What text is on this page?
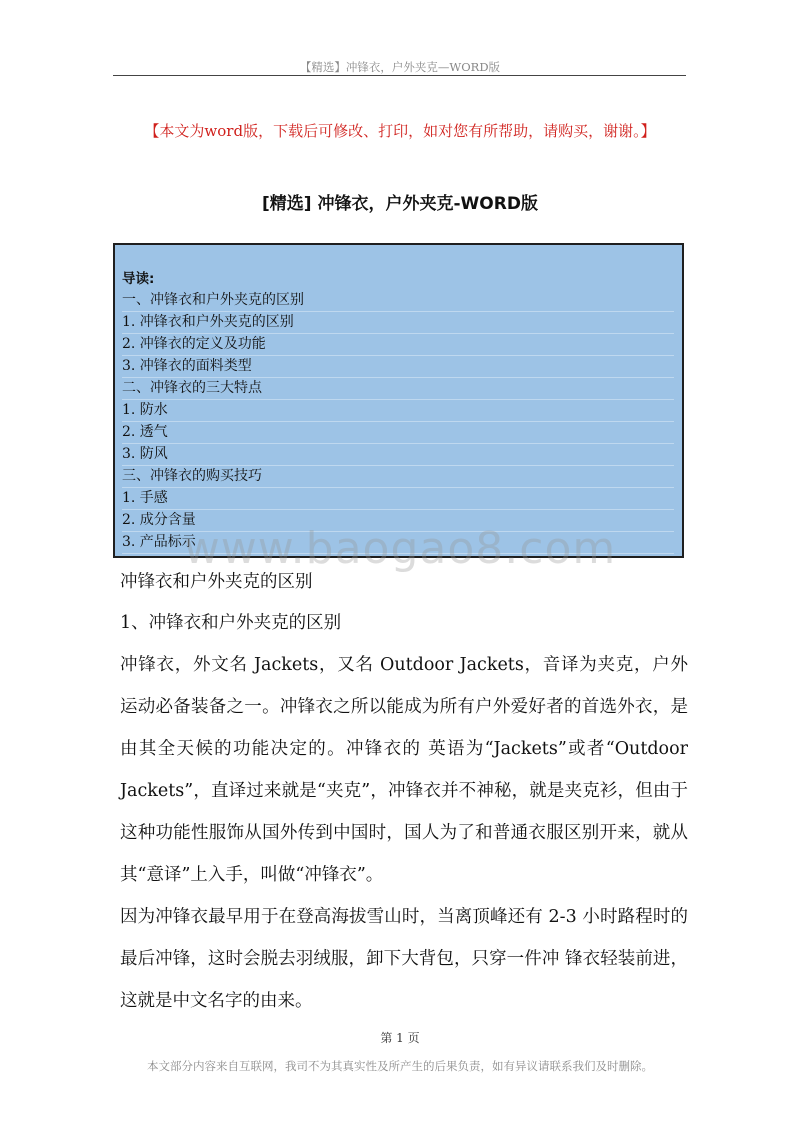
【精选】冲锋衣，户外夹克—WORD版
【本文为word版，下载后可修改、打印，如对您有所帮助，请购买，谢谢。】
[精选] 冲锋衣，户外夹克-WORD版
导读:
一、冲锋衣和户外夹克的区别
1. 冲锋衣和户外夹克的区别
2. 冲锋衣的定义及功能
3. 冲锋衣的面料类型
二、冲锋衣的三大特点
1. 防水
2. 透气
3. 防风
三、冲锋衣的购买技巧
1. 手感
2. 成分含量
3. 产品标示
www.baogao8.com
冲锋衣和户外夹克的区别
1、冲锋衣和户外夹克的区别
冲锋衣，外文名 Jackets，又名 Outdoor Jackets，音译为夹克，户外运动必备装备之一。冲锋衣之所以能成为所有户外爱好者的首选外衣，是由其全天候的功能决定的。冲锋衣的 英语为“Jackets”或者“Outdoor Jackets”，直译过来就是“夹克”，冲锋衣并不神秘，就是夹克衫，但由于这种功能性服饰从国外传到中国时，国人为了和普通衣服区别开来，就从其“意译”上入手，叫做“冲锋衣”。
因为冲锋衣最早用于在登高海拔雪山时，当离顶峰还有 2-3 小时路程时的最后冲锋，这时会脱去羽绒服，卸下大背包，只穿一件冲 锋衣轻装前进，这就是中文名字的由来。
第 1 页
本文部分内容来自互联网，我司不为其真实性及所产生的后果负责，如有异议请联系我们及时删除。
